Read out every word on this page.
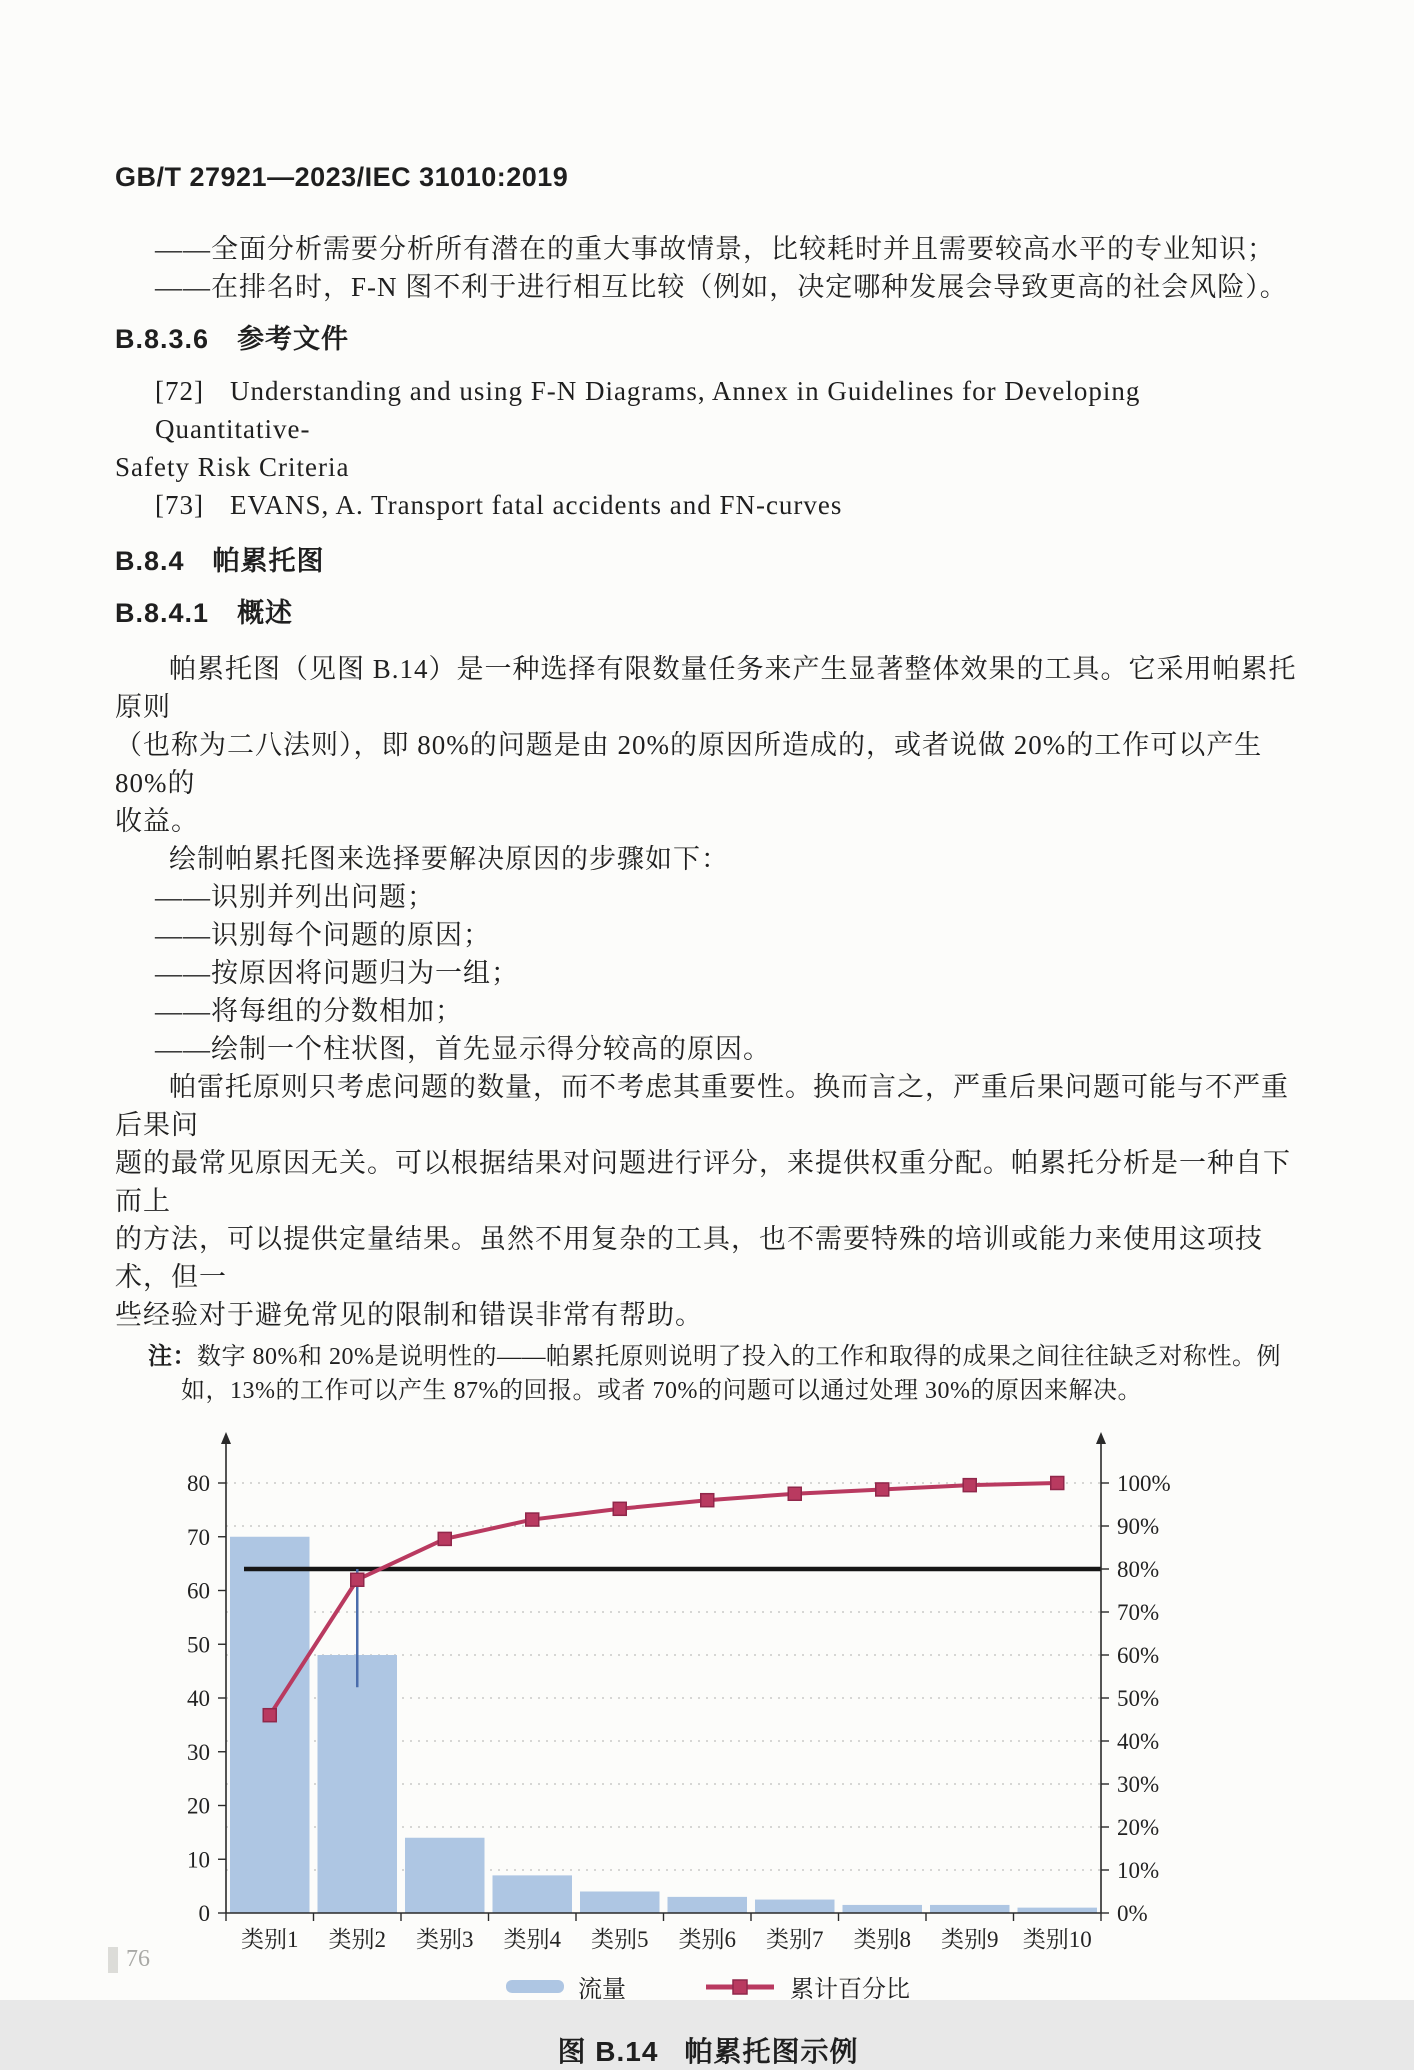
GB/T 27921—2023/IEC 31010:2019
——全面分析需要分析所有潜在的重大事故情景，比较耗时并且需要较高水平的专业知识；
——在排名时，F-N 图不利于进行相互比较（例如，决定哪种发展会导致更高的社会风险）。
B.8.3.6 参考文件
[72] Understanding and using F-N Diagrams, Annex in Guidelines for Developing Quantitative-
Safety Risk Criteria
[73] EVANS, A. Transport fatal accidents and FN-curves
B.8.4 帕累托图
B.8.4.1 概述
帕累托图（见图 B.14）是一种选择有限数量任务来产生显著整体效果的工具。它采用帕累托原则
（也称为二八法则），即 80%的问题是由 20%的原因所造成的，或者说做 20%的工作可以产生 80%的
收益。
绘制帕累托图来选择要解决原因的步骤如下：
——识别并列出问题；
——识别每个问题的原因；
——按原因将问题归为一组；
——将每组的分数相加；
——绘制一个柱状图，首先显示得分较高的原因。
帕雷托原则只考虑问题的数量，而不考虑其重要性。换而言之，严重后果问题可能与不严重后果问
题的最常见原因无关。可以根据结果对问题进行评分，来提供权重分配。帕累托分析是一种自下而上
的方法，可以提供定量结果。虽然不用复杂的工具，也不需要特殊的培训或能力来使用这项技术，但一
些经验对于避免常见的限制和错误非常有帮助。
注：数字 80%和 20%是说明性的——帕累托原则说明了投入的工作和取得的成果之间往往缺乏对称性。例
如，13%的工作可以产生 87%的回报。或者 70%的问题可以通过处理 30%的原因来解决。
0
10
20
30
40
50
60
70
80
0%
10%
20%
30%
40%
50%
60%
70%
80%
90%
100%
类别1 类别2 类别3 类别4 类别5 类别6 类别7 类别8 类别9 类别10
流量	累计百分比
图 B.14 帕累托图示例
76
